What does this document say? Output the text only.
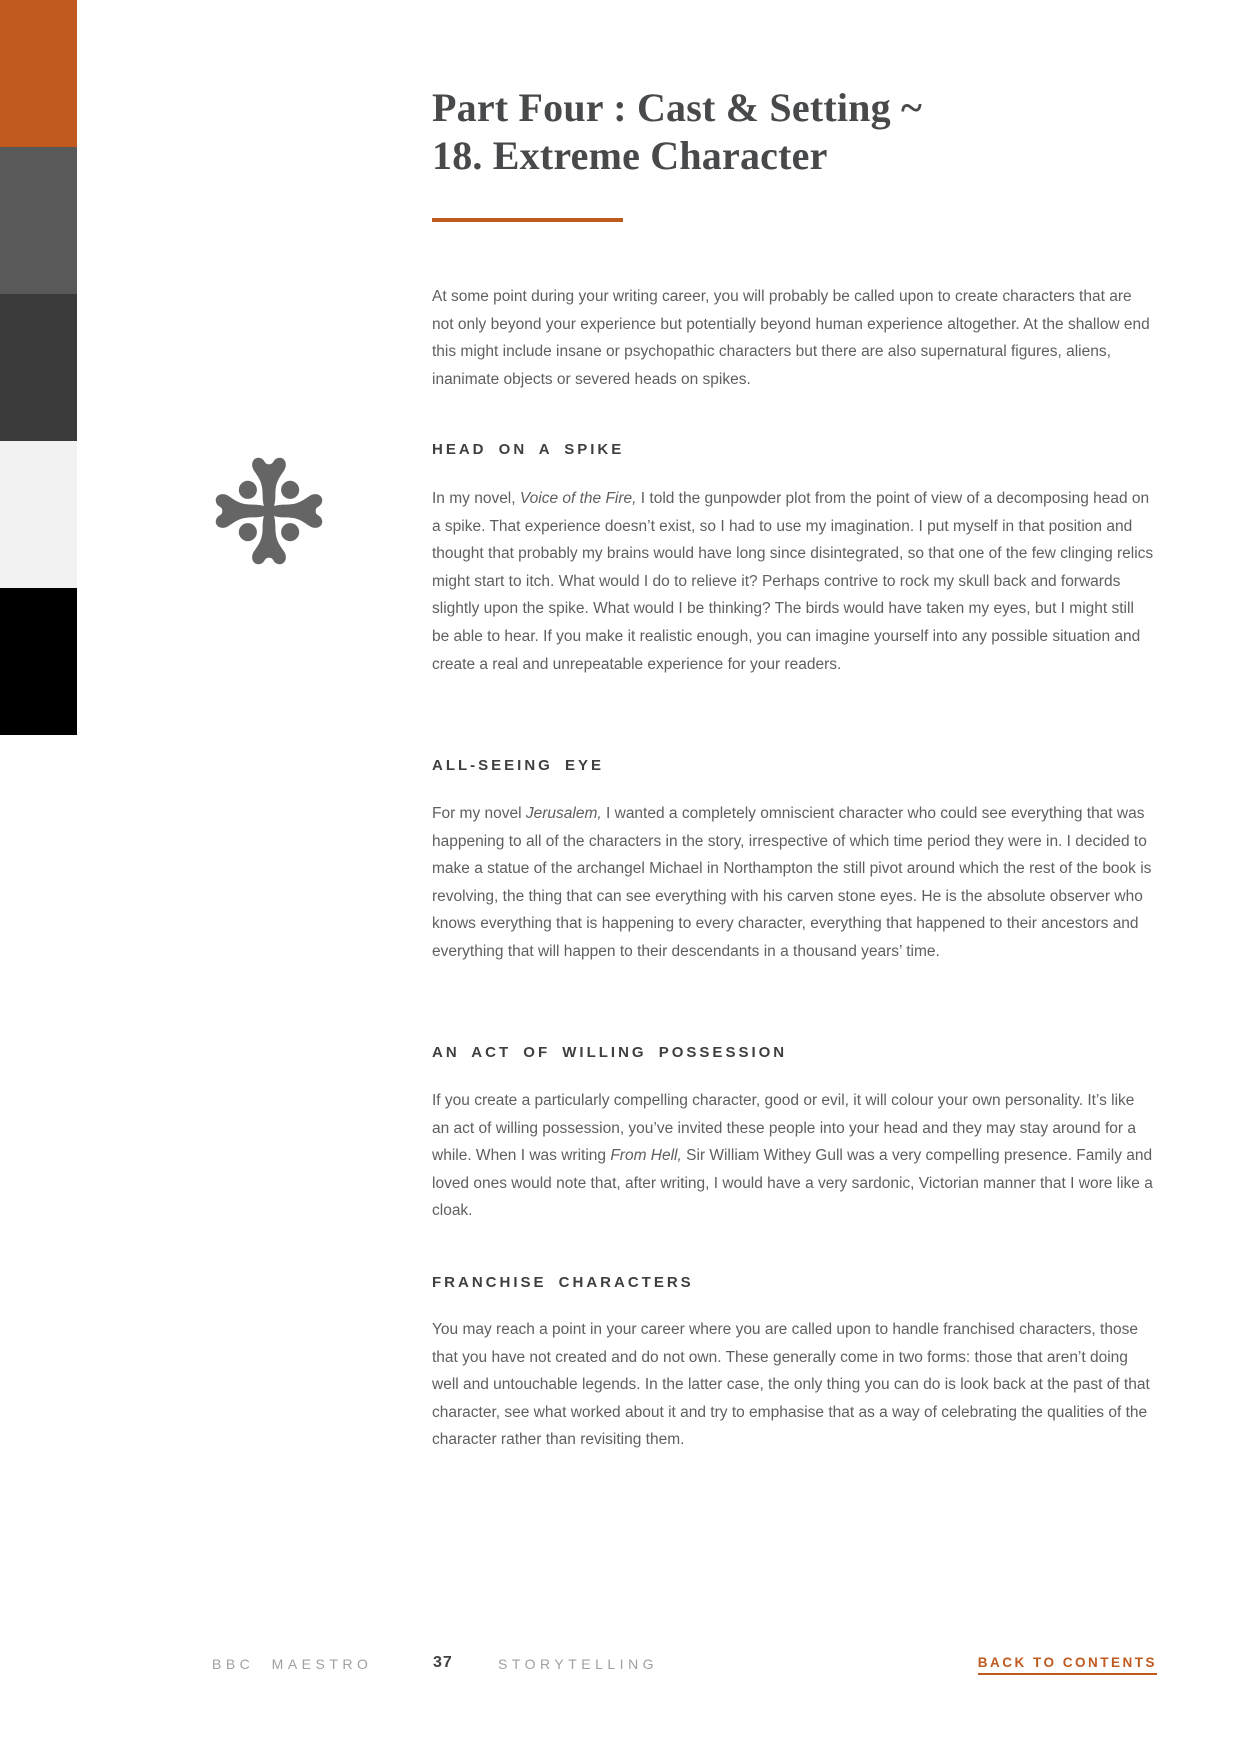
Part Four : Cast & Setting ~
18. Extreme Character

At some point during your writing career, you will probably be called upon to create characters that are not only beyond your experience but potentially beyond human experience altogether. At the shallow end this might include insane or psychopathic characters but there are also supernatural figures, aliens, inanimate objects or severed heads on spikes.

HEAD ON A SPIKE

In my novel, Voice of the Fire, I told the gunpowder plot from the point of view of a decomposing head on a spike. That experience doesn’t exist, so I had to use my imagination. I put myself in that position and thought that probably my brains would have long since disintegrated, so that one of the few clinging relics might start to itch. What would I do to relieve it? Perhaps contrive to rock my skull back and forwards slightly upon the spike. What would I be thinking? The birds would have taken my eyes, but I might still be able to hear. If you make it realistic enough, you can imagine yourself into any possible situation and create a real and unrepeatable experience for your readers.

ALL-SEEING EYE

For my novel Jerusalem, I wanted a completely omniscient character who could see everything that was happening to all of the characters in the story, irrespective of which time period they were in. I decided to make a statue of the archangel Michael in Northampton the still pivot around which the rest of the book is revolving, the thing that can see everything with his carven stone eyes. He is the absolute observer who knows everything that is happening to every character, everything that happened to their ancestors and everything that will happen to their descendants in a thousand years’ time.

AN ACT OF WILLING POSSESSION

If you create a particularly compelling character, good or evil, it will colour your own personality. It’s like an act of willing possession, you’ve invited these people into your head and they may stay around for a while. When I was writing From Hell, Sir William Withey Gull was a very compelling presence. Family and loved ones would note that, after writing, I would have a very sardonic, Victorian manner that I wore like a cloak.

FRANCHISE CHARACTERS

You may reach a point in your career where you are called upon to handle franchised characters, those that you have not created and do not own. These generally come in two forms: those that aren’t doing well and untouchable legends. In the latter case, the only thing you can do is look back at the past of that character, see what worked about it and try to emphasise that as a way of celebrating the qualities of the character rather than revisiting them.

BBC MAESTRO	37	STORYTELLING	BACK TO CONTENTS
